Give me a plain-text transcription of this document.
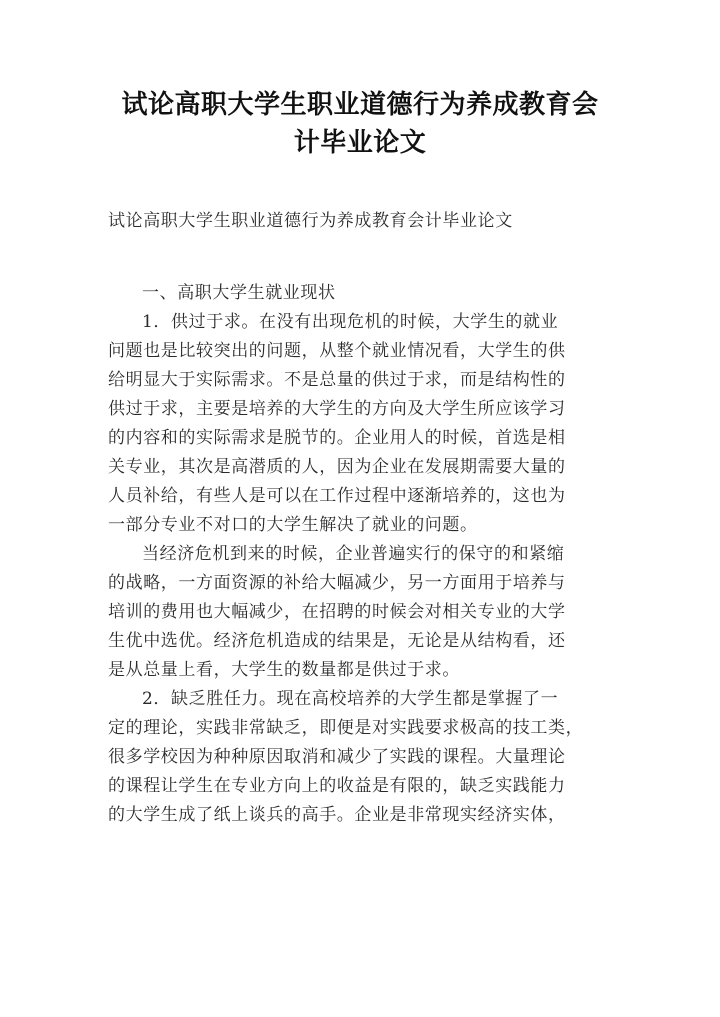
试论高职大学生职业道德行为养成教育会
计毕业论文
试论高职大学生职业道德行为养成教育会计毕业论文
一、高职大学生就业现状
1．供过于求。在没有出现危机的时候，大学生的就业
问题也是比较突出的问题，从整个就业情况看，大学生的供
给明显大于实际需求。不是总量的供过于求，而是结构性的
供过于求，主要是培养的大学生的方向及大学生所应该学习
的内容和的实际需求是脱节的。企业用人的时候，首选是相
关专业，其次是高潜质的人，因为企业在发展期需要大量的
人员补给，有些人是可以在工作过程中逐渐培养的，这也为
一部分专业不对口的大学生解决了就业的问题。
当经济危机到来的时候，企业普遍实行的保守的和紧缩
的战略，一方面资源的补给大幅减少，另一方面用于培养与
培训的费用也大幅减少，在招聘的时候会对相关专业的大学
生优中选优。经济危机造成的结果是，无论是从结构看，还
是从总量上看，大学生的数量都是供过于求。
2．缺乏胜任力。现在高校培养的大学生都是掌握了一
定的理论，实践非常缺乏，即便是对实践要求极高的技工类，
很多学校因为种种原因取消和减少了实践的课程。大量理论
的课程让学生在专业方向上的收益是有限的，缺乏实践能力
的大学生成了纸上谈兵的高手。企业是非常现实经济实体，
